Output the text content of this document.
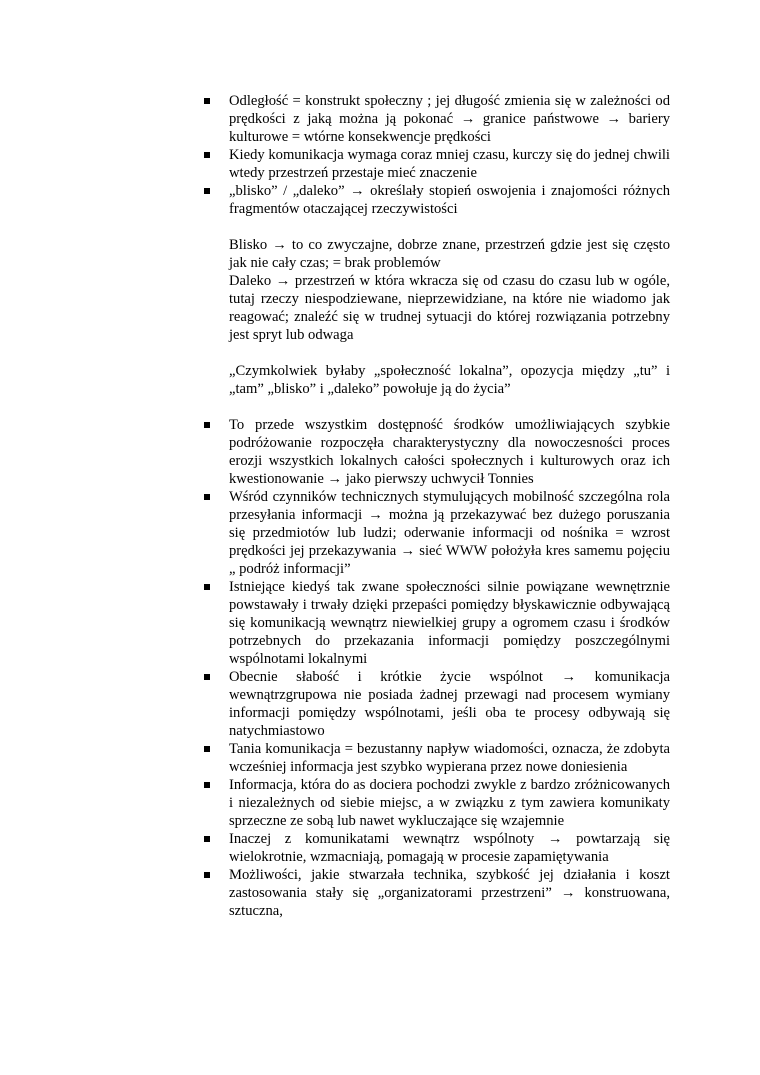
Odległość = konstrukt społeczny ; jej długość zmienia się w zależności od prędkości z jaką można ją pokonać → granice państwowe → bariery kulturowe = wtórne konsekwencje prędkości
Kiedy komunikacja wymaga coraz mniej czasu, kurczy się do jednej chwili wtedy przestrzeń przestaje mieć znaczenie
„blisko” / „daleko” → określały stopień oswojenia i znajomości różnych fragmentów otaczającej rzeczywistości

Blisko → to co zwyczajne, dobrze znane, przestrzeń gdzie jest się często jak nie cały czas; = brak problemów

Daleko → przestrzeń w która wkracza się od czasu do czasu lub w ogóle, tutaj rzeczy niespodziewane, nieprzewidziane, na które nie wiadomo jak reagować; znaleźć się w trudnej sytuacji do której rozwiązania potrzebny jest spryt lub odwaga

„Czymkolwiek byłaby „społeczność lokalna”, opozycja między „tu” i „tam” „blisko” i „daleko” powołuje ją do życia”

To przede wszystkim dostępność środków umożliwiających szybkie podróżowanie rozpoczęła charakterystyczny dla nowoczesności proces erozji wszystkich lokalnych całości społecznych i kulturowych oraz ich kwestionowanie → jako pierwszy uchwycił Tonnies
Wśród czynników technicznych stymulujących mobilność szczególna rola przesyłania informacji → można ją przekazywać bez dużego poruszania się przedmiotów lub ludzi; oderwanie informacji od nośnika = wzrost prędkości jej przekazywania → sieć WWW położyła kres samemu pojęciu „ podróż informacji”
Istniejące kiedyś tak zwane społeczności silnie powiązane wewnętrznie powstawały i trwały dzięki przepaści pomiędzy błyskawicznie odbywającą się komunikacją wewnątrz niewielkiej grupy a ogromem czasu i środków potrzebnych do przekazania informacji pomiędzy poszczególnymi wspólnotami lokalnymi
Obecnie słabość i krótkie życie wspólnot → komunikacja wewnątrzgrupowa nie posiada żadnej przewagi nad procesem wymiany informacji pomiędzy wspólnotami, jeśli oba te procesy odbywają się natychmiastowo
Tania komunikacja = bezustanny napływ wiadomości, oznacza, że zdobyta wcześniej informacja jest szybko wypierana przez nowe doniesienia
Informacja, która do as dociera pochodzi zwykle z bardzo zróżnicowanych i niezależnych od siebie miejsc, a w związku z tym zawiera komunikaty sprzeczne ze sobą lub nawet wykluczające się wzajemnie
Inaczej z komunikatami wewnątrz wspólnoty → powtarzają się wielokrotnie, wzmacniają, pomagają w procesie zapamiętywania
Możliwości, jakie stwarzała technika, szybkość jej działania i koszt zastosowania stały się „organizatorami przestrzeni” → konstruowana, sztuczna,
